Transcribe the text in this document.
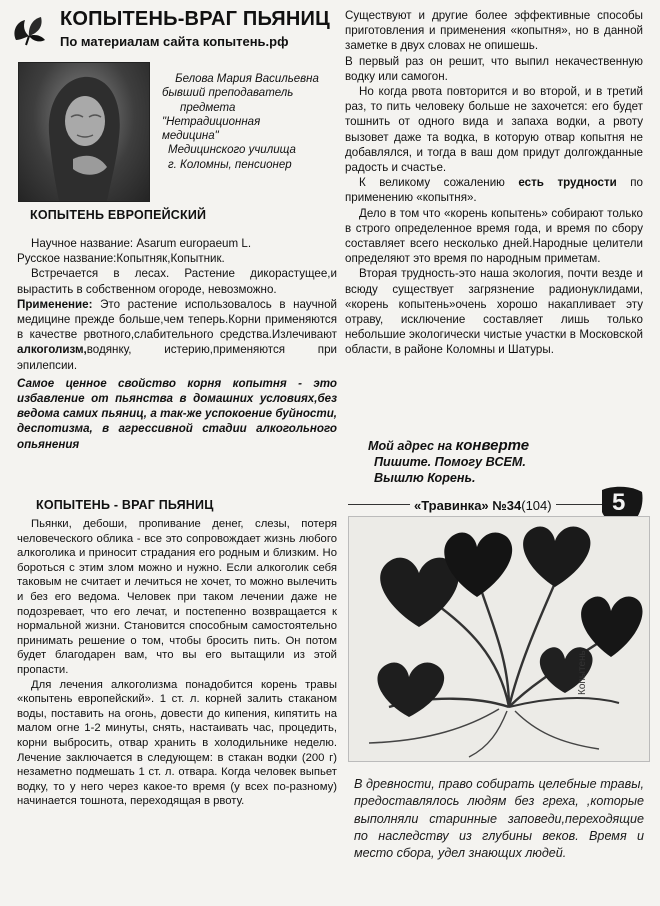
КОПЫТЕНЬ-ВРАГ ПЬЯНИЦ
По материалам сайта копытень.рф
Белова Мария Васильевна
бывший преподаватель
предмета
"Нетрадиционная
медицина"
Медицинского училища
г. Коломны, пенсионер
КОПЫТЕНЬ ЕВРОПЕЙСКИЙ

Научное название: Asarum europaeum L.

Русское название:Копытняк,Копытник.

Встречается в лесах. Растение дикорастущее,и вырастить в собственном огороде, невозможно.

Применение: Это растение использовалось в научной медицине прежде больше,чем теперь.Корни применяются в качестве рвотного,слабительного средства.Излечивают алкоголизм,водянку, истерию,применяются при эпилепсии.

Самое ценное свойство корня копытня - это избавление от пьянства в домашних условиях,без ведома самих пьяниц, а так-же успокоение буйности, деспотизма, в агрессивной стадии алкогольного опьянения

КОПЫТЕНЬ - ВРАГ ПЬЯНИЦ

Пьянки, дебоши, пропивание денег, слезы, потеря человеческого облика - все это сопровождает жизнь любого алкоголика и приносит страдания его родным и близким. Но бороться с этим злом можно и нужно. Если алкоголик себя таковым не считает и лечиться не хочет, то можно вылечить и без его ведома. Человек при таком лечении даже не подозревает, что его лечат, и постепенно возвращается к нормальной жизни. Становится способным самостоятельно принимать решение о том, чтобы бросить пить. Он потом будет благодарен вам, что вы его вытащили из этой пропасти.

Для лечения алкоголизма понадобится корень травы «копытень европейский». 1 ст. л. корней залить стаканом воды, поставить на огонь, довести до кипения, кипятить на малом огне 1-2 минуты, снять, настаивать час, процедить, корни выбросить, отвар хранить в холодильнике неделю. Лечение заключается в следующем: в стакан водки (200 г) незаметно подмешать 1 ст. л. отвара. Когда человек выпьет водку, то у него через какое-то время (у всех по-разному) начинается тошнота, переходящая в рвоту.

Существуют и другие более эффективные способы приготовления и применения «копытня», но в данной заметке в двух словах не опишешь.

В первый раз он решит, что выпил некачественную водку или самогон.

Но когда рвота повторится и во второй, и в третий раз, то пить человеку больше не захочется: его будет тошнить от одного вида и запаха водки, а рвоту вызовет даже та водка, в которую отвар копытня не добавлялся, и тогда в ваш дом придут долгожданные радость и счастье.

К великому сожалению есть трудности по применению «копытня».

Дело в том что «корень копытень» собирают только в строго определенное время года, и время по сбору составляет всего несколько дней.Народные целители определяют это время по народным приметам.

Вторая трудность-это наша экология, почти везде и всюду существует загрязнение радионуклидами, «корень копытень»очень хорошо накапливает эту отраву, исключение составляет лишь только небольшие экологически чистые участки в Московской области, в районе Коломны и Шатуры.

Мой адрес на конверте
Пишите. Помогу ВСЕМ.
Вышлю Корень.
«Травинка» №34(104)	5
Копытень
В древности, право собирать целебные травы, предоставлялось людям без греха, ,которые выполняли старинные заповеди,переходящие по наследству из глубины веков. Время и место сбора, удел знающих людей.
